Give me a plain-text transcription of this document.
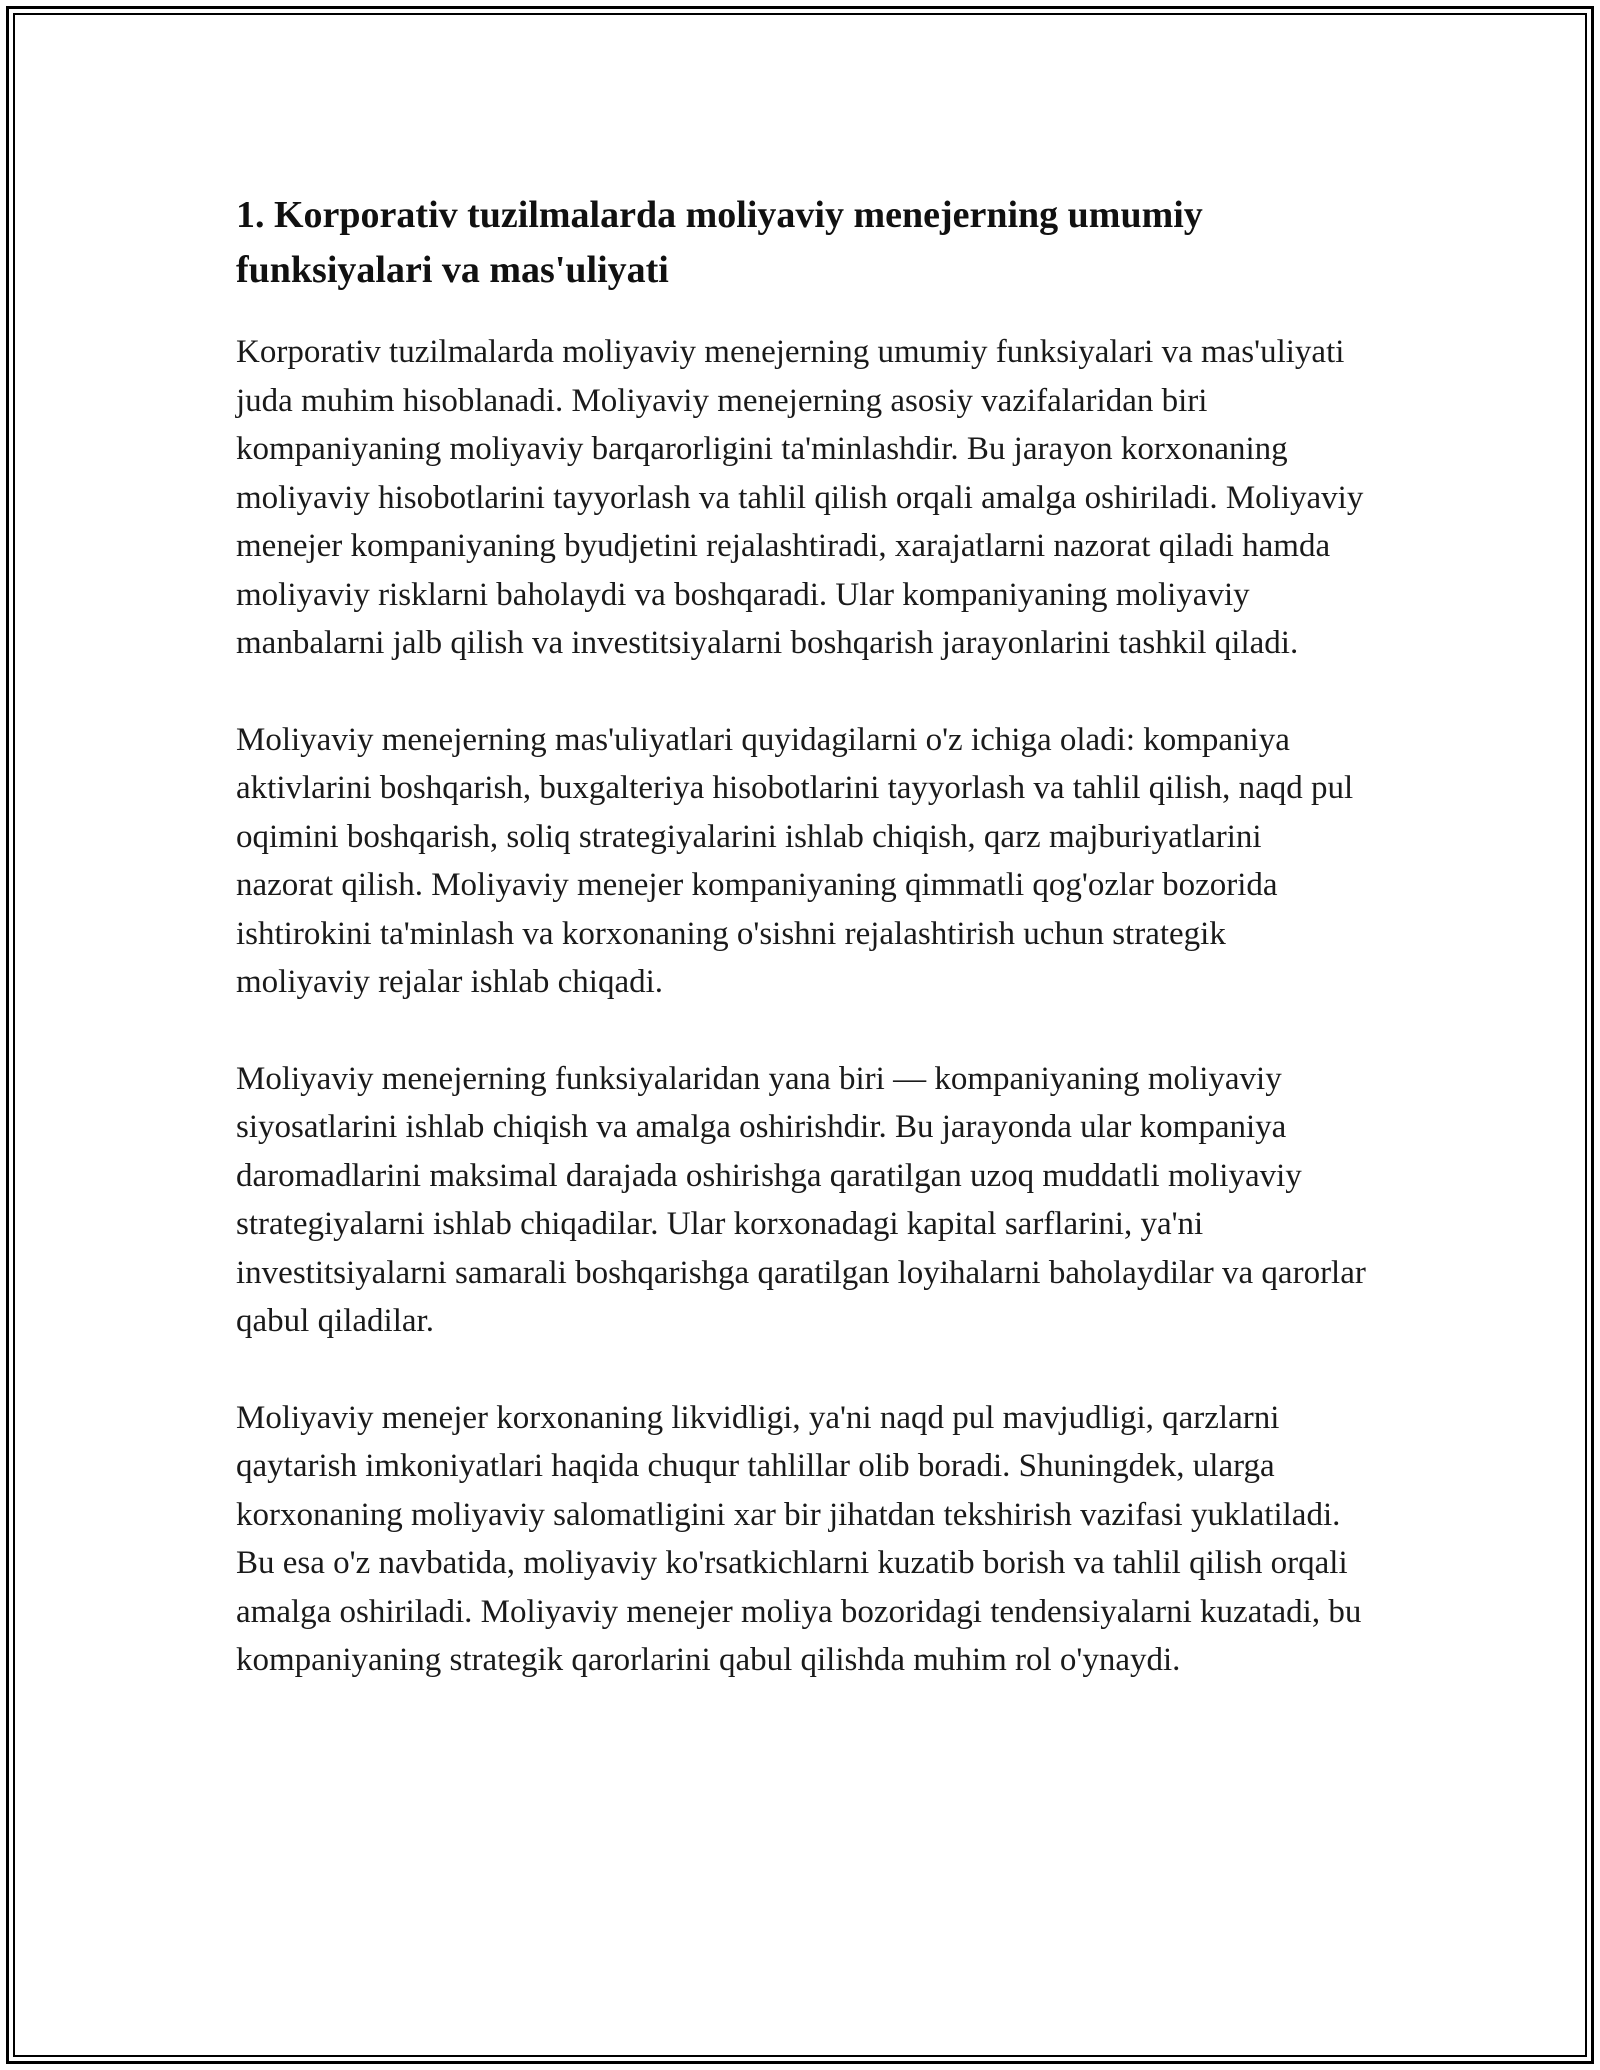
1. Korporativ tuzilmalarda moliyaviy menejerning umumiy funksiyalari va mas'uliyati

Korporativ tuzilmalarda moliyaviy menejerning umumiy funksiyalari va mas'uliyati juda muhim hisoblanadi. Moliyaviy menejerning asosiy vazifalaridan biri kompaniyaning moliyaviy barqarorligini ta'minlashdir. Bu jarayon korxonaning moliyaviy hisobotlarini tayyorlash va tahlil qilish orqali amalga oshiriladi. Moliyaviy menejer kompaniyaning byudjetini rejalashtiradi, xarajatlarni nazorat qiladi hamda moliyaviy risklarni baholaydi va boshqaradi. Ular kompaniyaning moliyaviy manbalarni jalb qilish va investitsiyalarni boshqarish jarayonlarini tashkil qiladi.

Moliyaviy menejerning mas'uliyatlari quyidagilarni o'z ichiga oladi: kompaniya aktivlarini boshqarish, buxgalteriya hisobotlarini tayyorlash va tahlil qilish, naqd pul oqimini boshqarish, soliq strategiyalarini ishlab chiqish, qarz majburiyatlarini nazorat qilish. Moliyaviy menejer kompaniyaning qimmatli qog'ozlar bozorida ishtirokini ta'minlash va korxonaning o'sishni rejalashtirish uchun strategik moliyaviy rejalar ishlab chiqadi.

Moliyaviy menejerning funksiyalaridan yana biri — kompaniyaning moliyaviy siyosatlarini ishlab chiqish va amalga oshirishdir. Bu jarayonda ular kompaniya daromadlarini maksimal darajada oshirishga qaratilgan uzoq muddatli moliyaviy strategiyalarni ishlab chiqadilar. Ular korxonadagi kapital sarflarini, ya'ni investitsiyalarni samarali boshqarishga qaratilgan loyihalarni baholaydilar va qarorlar qabul qiladilar.

Moliyaviy menejer korxonaning likvidligi, ya'ni naqd pul mavjudligi, qarzlarni qaytarish imkoniyatlari haqida chuqur tahlillar olib boradi. Shuningdek, ularga korxonaning moliyaviy salomatligini xar bir jihatdan tekshirish vazifasi yuklatiladi. Bu esa o'z navbatida, moliyaviy ko'rsatkichlarni kuzatib borish va tahlil qilish orqali amalga oshiriladi. Moliyaviy menejer moliya bozoridagi tendensiyalarni kuzatadi, bu kompaniyaning strategik qarorlarini qabul qilishda muhim rol o'ynaydi.
